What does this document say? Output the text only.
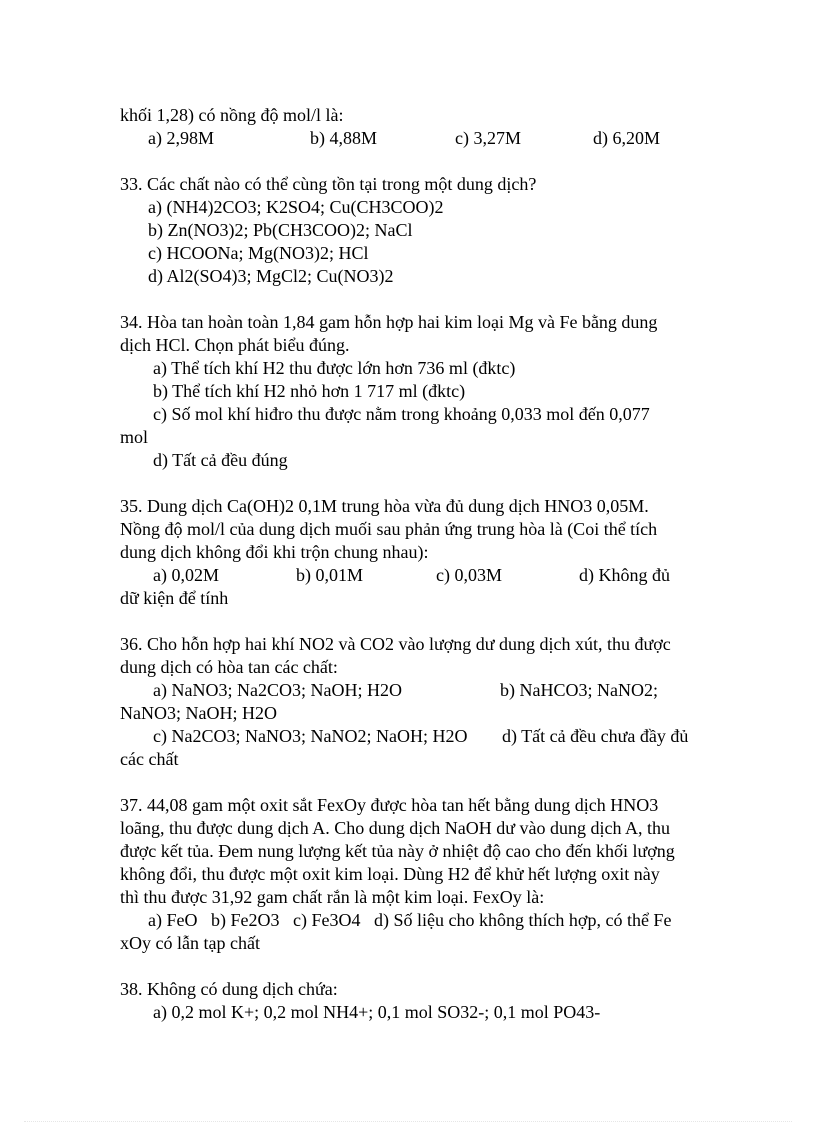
khối 1,28) có nồng độ mol/l là:
a) 2,98M	b) 4,88M	c) 3,27M	d) 6,20M
33. Các chất nào có thể cùng tồn tại trong một dung dịch?
a) (NH4)2CO3; K2SO4; Cu(CH3COO)2
b) Zn(NO3)2; Pb(CH3COO)2; NaCl
c) HCOONa; Mg(NO3)2; HCl
d) Al2(SO4)3; MgCl2; Cu(NO3)2
34. Hòa tan hoàn toàn 1,84 gam hỗn hợp hai kim loại Mg và Fe bằng dung
dịch HCl. Chọn phát biểu đúng.
a) Thể tích khí H2 thu được lớn hơn 736 ml (đktc)
b) Thể tích khí H2 nhỏ hơn 1 717 ml (đktc)
c) Số mol khí hiđro thu được nằm trong khoảng 0,033 mol đến 0,077
mol
d) Tất cả đều đúng
35. Dung dịch Ca(OH)2 0,1M trung hòa vừa đủ dung dịch HNO3 0,05M.
Nồng độ mol/l của dung dịch muối sau phản ứng trung hòa là (Coi thể tích
dung dịch không đổi khi trộn chung nhau):
a) 0,02M	b) 0,01M	c) 0,03M	d) Không đủ
dữ kiện để tính
36. Cho hỗn hợp hai khí NO2 và CO2 vào lượng dư dung dịch xút, thu được
dung dịch có hòa tan các chất:
a) NaNO3; Na2CO3; NaOH; H2O	b) NaHCO3; NaNO2;
NaNO3; NaOH; H2O
c) Na2CO3; NaNO3; NaNO2; NaOH; H2O d) Tất cả đều chưa đầy đủ
các chất
37. 44,08 gam một oxit sắt FexOy được hòa tan hết bằng dung dịch HNO3
loãng, thu được dung dịch A. Cho dung dịch NaOH dư vào dung dịch A, thu
được kết tủa. Đem nung lượng kết tủa này ở nhiệt độ cao cho đến khối lượng
không đổi, thu được một oxit kim loại. Dùng H2 để khử hết lượng oxit này
thì thu được 31,92 gam chất rắn là một kim loại. FexOy là:
a) FeO   b) Fe2O3   c) Fe3O4   d) Số liệu cho không thích hợp, có thể Fe
xOy có lẫn tạp chất
38. Không có dung dịch chứa:
a) 0,2 mol K+; 0,2 mol NH4+; 0,1 mol SO32-; 0,1 mol PO43-
